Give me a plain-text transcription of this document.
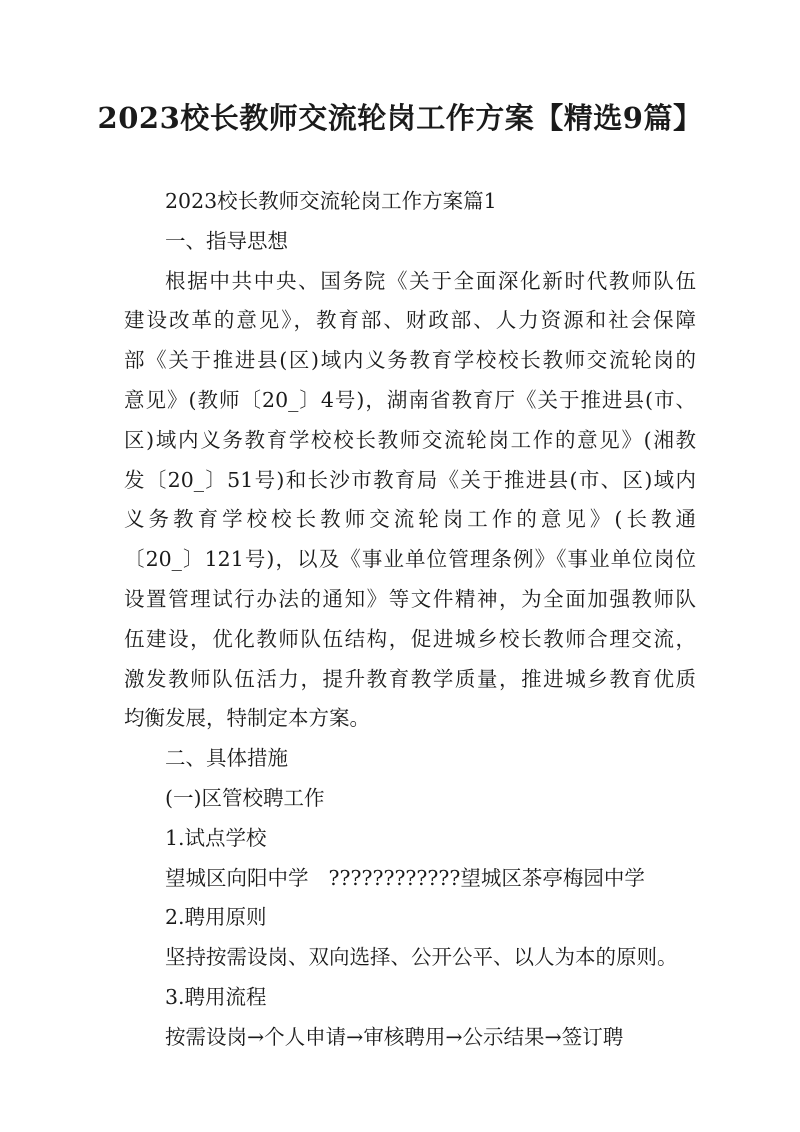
2023校长教师交流轮岗工作方案【精选9篇】
2023校长教师交流轮岗工作方案篇1
一、指导思想
根据中共中央、国务院《关于全面深化新时代教师队伍
建设改革的意见》，教育部、财政部、人力资源和社会保障
部《关于推进县(区)域内义务教育学校校长教师交流轮岗的
意见》(教师〔20_〕4号)，湖南省教育厅《关于推进县(市、
区)域内义务教育学校校长教师交流轮岗工作的意见》(湘教
发〔20_〕51号)和长沙市教育局《关于推进县(市、区)域内
义务教育学校校长教师交流轮岗工作的意见》(长教通
〔20_〕121号)，以及《事业单位管理条例》《事业单位岗位
设置管理试行办法的通知》等文件精神，为全面加强教师队
伍建设，优化教师队伍结构，促进城乡校长教师合理交流，
激发教师队伍活力，提升教育教学质量，推进城乡教育优质
均衡发展，特制定本方案。
二、具体措施
(一)区管校聘工作
1.试点学校
望城区向阳中学 ????????????望城区茶亭梅园中学
2.聘用原则
坚持按需设岗、双向选择、公开公平、以人为本的原则。
3.聘用流程
按需设岗→个人申请→审核聘用→公示结果→签订聘
